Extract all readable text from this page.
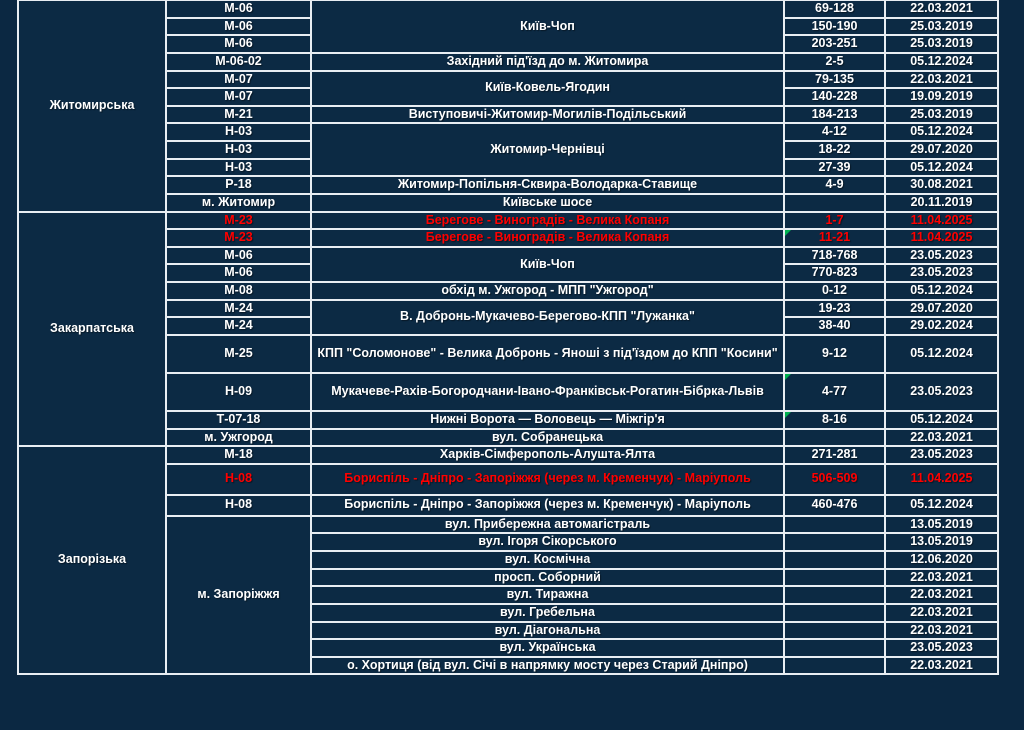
Житомирська	М-06	Київ-Чоп	69-128	22.03.2021
	М-06		150-190	25.03.2019
	М-06		203-251	25.03.2019
	М-06-02	Західний під'їзд до м. Житомира	2-5	05.12.2024
	М-07	Київ-Ковель-Ягодин	79-135	22.03.2021
	М-07		140-228	19.09.2019
	М-21	Виступовичі-Житомир-Могилів-Подільський	184-213	25.03.2019
	Н-03	Житомир-Чернівці	4-12	05.12.2024
	Н-03		18-22	29.07.2020
	Н-03		27-39	05.12.2024
	Р-18	Житомир-Попільня-Сквира-Володарка-Ставище	4-9	30.08.2021
	м. Житомир	Київське шосе		20.11.2019
Закарпатська	М-23	Берегове - Виноградів - Велика Копаня	1-7	11.04.2025
	М-23	Берегове - Виноградів - Велика Копаня	11-21	11.04.2025
	М-06	Київ-Чоп	718-768	23.05.2023
	М-06		770-823	23.05.2023
	М-08	обхід м. Ужгород - МПП "Ужгород"	0-12	05.12.2024
	М-24	В. Добронь-Мукачево-Берегово-КПП "Лужанка"	19-23	29.07.2020
	М-24		38-40	29.02.2024
	М-25	КПП "Соломонове" - Велика Добронь - Яноші з під'їздом до КПП "Косини"	9-12	05.12.2024
	Н-09	Мукачеве-Рахів-Богородчани-Івано-Франківськ-Рогатин-Бібрка-Львів	4-77	23.05.2023
	Т-07-18	Нижні Ворота — Воловець — Міжгір'я	8-16	05.12.2024
	м. Ужгород	вул. Собранецька		22.03.2021
Запорізька	М-18	Харків-Сімферополь-Алушта-Ялта	271-281	23.05.2023
	Н-08	Бориспіль - Дніпро - Запоріжжя (через м. Кременчук) - Маріуполь	506-509	11.04.2025
	Н-08	Бориспіль - Дніпро - Запоріжжя (через м. Кременчук) - Маріуполь	460-476	05.12.2024
	м. Запоріжжя	вул. Прибережна автомагістраль		13.05.2019
		вул. Ігоря Сікорського		13.05.2019
		вул. Космічна		12.06.2020
		просп. Соборний		22.03.2021
		вул. Тиражна		22.03.2021
		вул. Гребельна		22.03.2021
		вул. Діагональна		22.03.2021
		вул. Українська		23.05.2023
		о. Хортиця (від вул. Січі в напрямку мосту через Старий Дніпро)		22.03.2021
